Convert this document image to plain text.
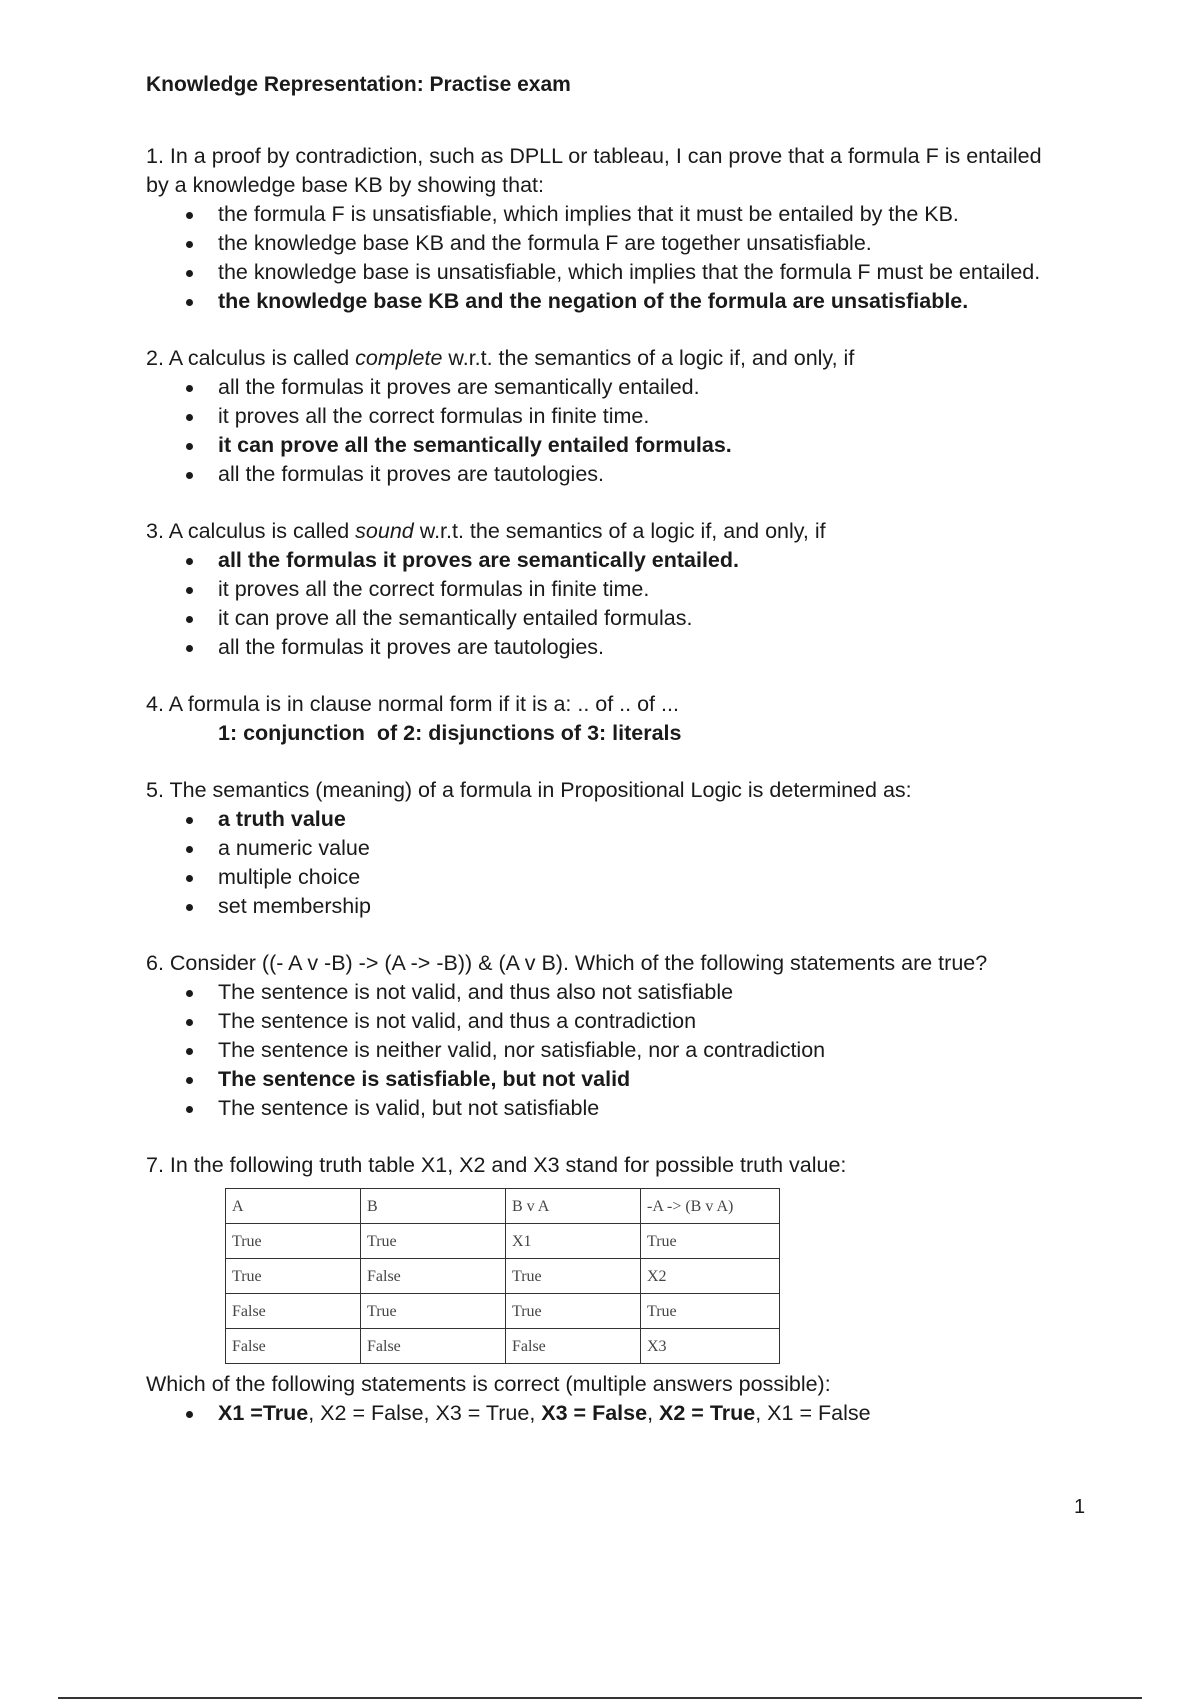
Knowledge Representation: Practise exam

1. In a proof by contradiction, such as DPLL or tableau, I can prove that a formula F is entailed

by a knowledge base KB by showing that:

the formula F is unsatisfiable, which implies that it must be entailed by the KB.
the knowledge base KB and the formula F are together unsatisfiable.
the knowledge base is unsatisfiable, which implies that the formula F must be entailed.
the knowledge base KB and the negation of the formula are unsatisfiable.

2. A calculus is called complete w.r.t. the semantics of a logic if, and only, if

all the formulas it proves are semantically entailed.
it proves all the correct formulas in finite time.
it can prove all the semantically entailed formulas.
all the formulas it proves are tautologies.

3. A calculus is called sound w.r.t. the semantics of a logic if, and only, if

all the formulas it proves are semantically entailed.
it proves all the correct formulas in finite time.
it can prove all the semantically entailed formulas.
all the formulas it proves are tautologies.

4. A formula is in clause normal form if it is a: .. of .. of ...

1: conjunction  of 2: disjunctions of 3: literals

5. The semantics (meaning) of a formula in Propositional Logic is determined as:

a truth value
a numeric value
multiple choice
set membership

6. Consider ((- A v -B) -> (A -> -B)) & (A v B). Which of the following statements are true?

The sentence is not valid, and thus also not satisfiable
The sentence is not valid, and thus a contradiction
The sentence is neither valid, nor satisfiable, nor a contradiction
The sentence is satisfiable, but not valid
The sentence is valid, but not satisfiable

7. In the following truth table X1, X2 and X3 stand for possible truth value:

A	B	B v A	-A -> (B v A)
True	True	X1	True
True	False	True	X2
False	True	True	True
False	False	False	X3

Which of the following statements is correct (multiple answers possible):

X1 =True, X2 = False, X3 = True, X3 = False, X2 = True, X1 = False
1
